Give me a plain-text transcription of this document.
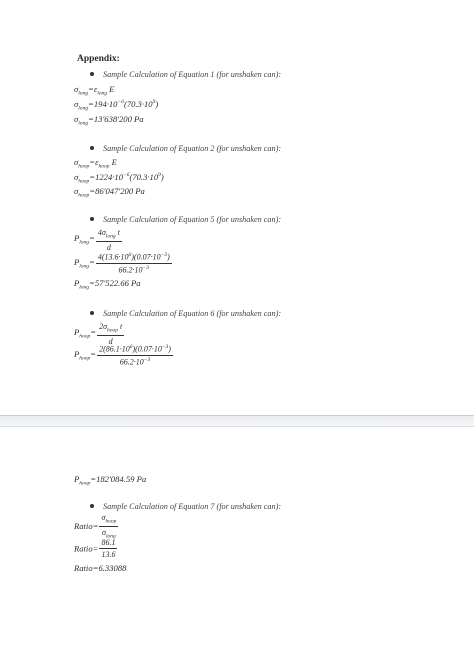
Appendix:
Sample Calculation of Equation 1 (for unshaken can):
$\sigma_{long}=\varepsilon_{long}$ E
$\sigma_{long}=194\cdot 10^{-6}(70.3\cdot 10^9)$
$\sigma_{long}=13'638'200$ Pa
Sample Calculation of Equation 2 (for unshaken can):
$\sigma_{hoop}=\varepsilon_{hoop}$ E
$\sigma_{hoop}=1224\cdot 10^{-6}(70.3\cdot 10^9)$
$\sigma_{hoop}=86'047'200$ Pa
Sample Calculation of Equation 5 (for unshaken can):
$P_{long}= \frac{4\sigma_{long} t}{d}$
$P_{long}= \frac{4(13.6\cdot 10^6)(0.07\cdot 10^{-3})}{66.2\cdot 10^{-3}}$
$P_{long}=57'522.66$ Pa
Sample Calculation of Equation 6 (for unshaken can):
$P_{hoop}= \frac{2\sigma_{hoop} t}{d}$
$P_{hoop}= \frac{2(86.1\cdot 10^6)(0.07\cdot 10^{-3})}{66.2\cdot 10^{-3}}$
$P_{hoop}=182'084.59$ Pa
Sample Calculation of Equation 7 (for unshaken can):
Ratio= $\frac{\sigma_{hoop}}{\sigma_{long}}$
Ratio= $\frac{86.1}{13.6}$
Ratio=6.33088
